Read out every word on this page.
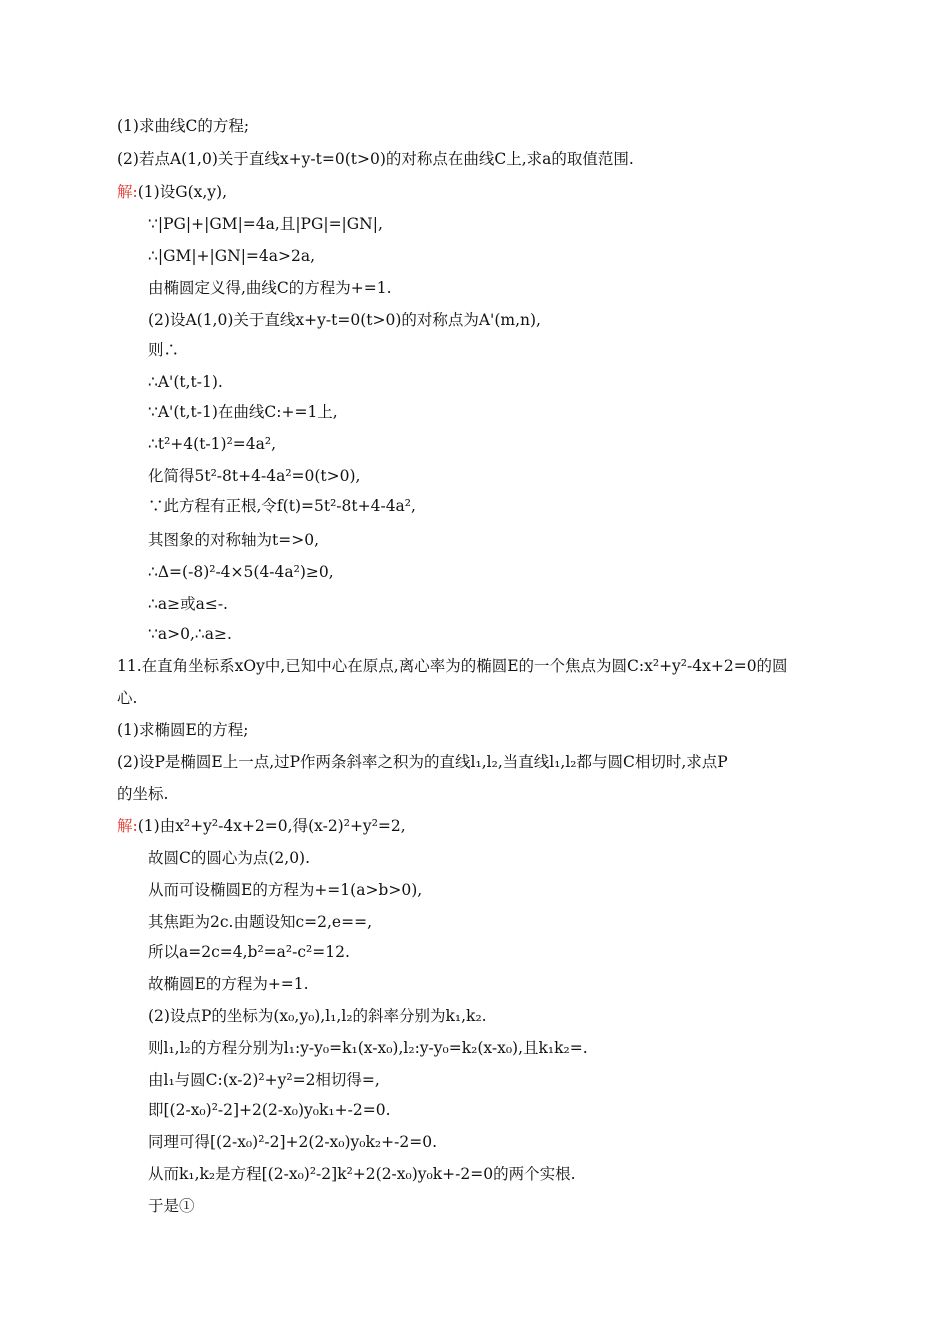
(1)求曲线C的方程;
(2)若点A(1,0)关于直线x+y-t=0(t>0)的对称点在曲线C上,求a的取值范围.
解:(1)设G(x,y),
∵|PG|+|GM|=4a,且|PG|=|GN|,
∴|GM|+|GN|=4a>2a,
由椭圆定义得,曲线C的方程为+=1.
(2)设A(1,0)关于直线x+y-t=0(t>0)的对称点为A'(m,n),
则∴
∴A'(t,t-1).
∵A'(t,t-1)在曲线C:+=1上,
∴t²+4(t-1)²=4a²,
化简得5t²-8t+4-4a²=0(t>0),
∵此方程有正根,令f(t)=5t²-8t+4-4a²,
其图象的对称轴为t=>0,
∴Δ=(-8)²-4×5(4-4a²)≥0,
∴a≥或a≤-.
∵a>0,∴a≥.
11.在直角坐标系xOy中,已知中心在原点,离心率为的椭圆E的一个焦点为圆C:x²+y²-4x+2=0的圆
心.
(1)求椭圆E的方程;
(2)设P是椭圆E上一点,过P作两条斜率之积为的直线l₁,l₂,当直线l₁,l₂都与圆C相切时,求点P
的坐标.
解:(1)由x²+y²-4x+2=0,得(x-2)²+y²=2,
故圆C的圆心为点(2,0).
从而可设椭圆E的方程为+=1(a>b>0),
其焦距为2c.由题设知c=2,e==,
所以a=2c=4,b²=a²-c²=12.
故椭圆E的方程为+=1.
(2)设点P的坐标为(x₀,y₀),l₁,l₂的斜率分别为k₁,k₂.
则l₁,l₂的方程分别为l₁:y-y₀=k₁(x-x₀),l₂:y-y₀=k₂(x-x₀),且k₁k₂=.
由l₁与圆C:(x-2)²+y²=2相切得=,
即[(2-x₀)²-2]+2(2-x₀)y₀k₁+-2=0.
同理可得[(2-x₀)²-2]+2(2-x₀)y₀k₂+-2=0.
从而k₁,k₂是方程[(2-x₀)²-2]k²+2(2-x₀)y₀k+-2=0的两个实根.
于是①
